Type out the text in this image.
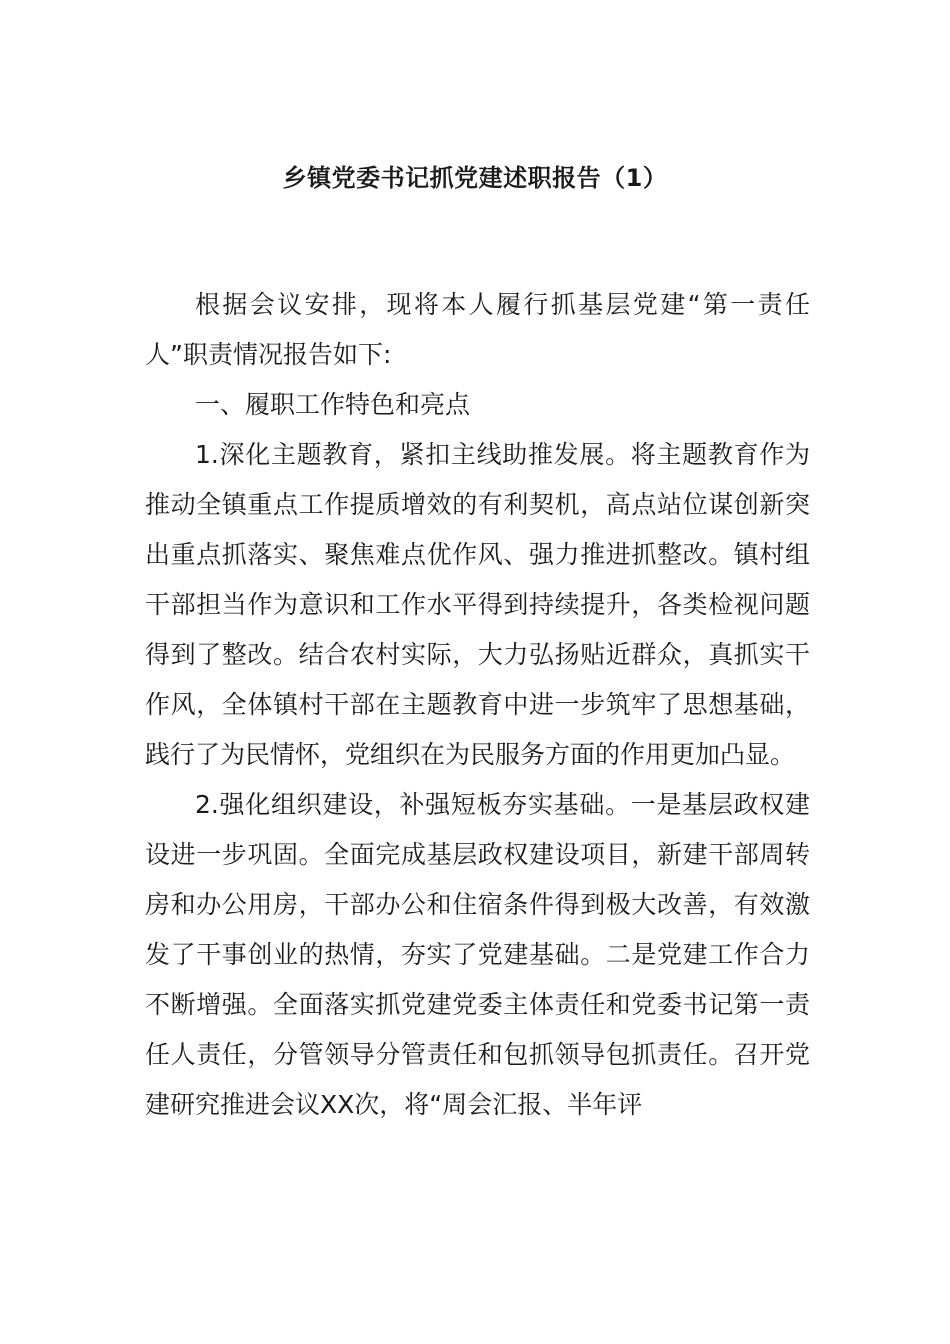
乡镇党委书记抓党建述职报告（1）

根据会议安排，现将本人履行抓基层党建“第一责任人”职责情况报告如下:

一、履职工作特色和亮点

1.深化主题教育，紧扣主线助推发展。将主题教育作为推动全镇重点工作提质增效的有利契机，高点站位谋创新突出重点抓落实、聚焦难点优作风、强力推进抓整改。镇村组干部担当作为意识和工作水平得到持续提升，各类检视问题得到了整改。结合农村实际，大力弘扬贴近群众，真抓实干作风，全体镇村干部在主题教育中进一步筑牢了思想基础，践行了为民情怀，党组织在为民服务方面的作用更加凸显。

2.强化组织建设，补强短板夯实基础。一是基层政权建设进一步巩固。全面完成基层政权建设项目，新建干部周转房和办公用房，干部办公和住宿条件得到极大改善，有效激发了干事创业的热情，夯实了党建基础。二是党建工作合力不断增强。全面落实抓党建党委主体责任和党委书记第一责任人责任，分管领导分管责任和包抓领导包抓责任。召开党建研究推进会议XX次，将“周会汇报、半年评
